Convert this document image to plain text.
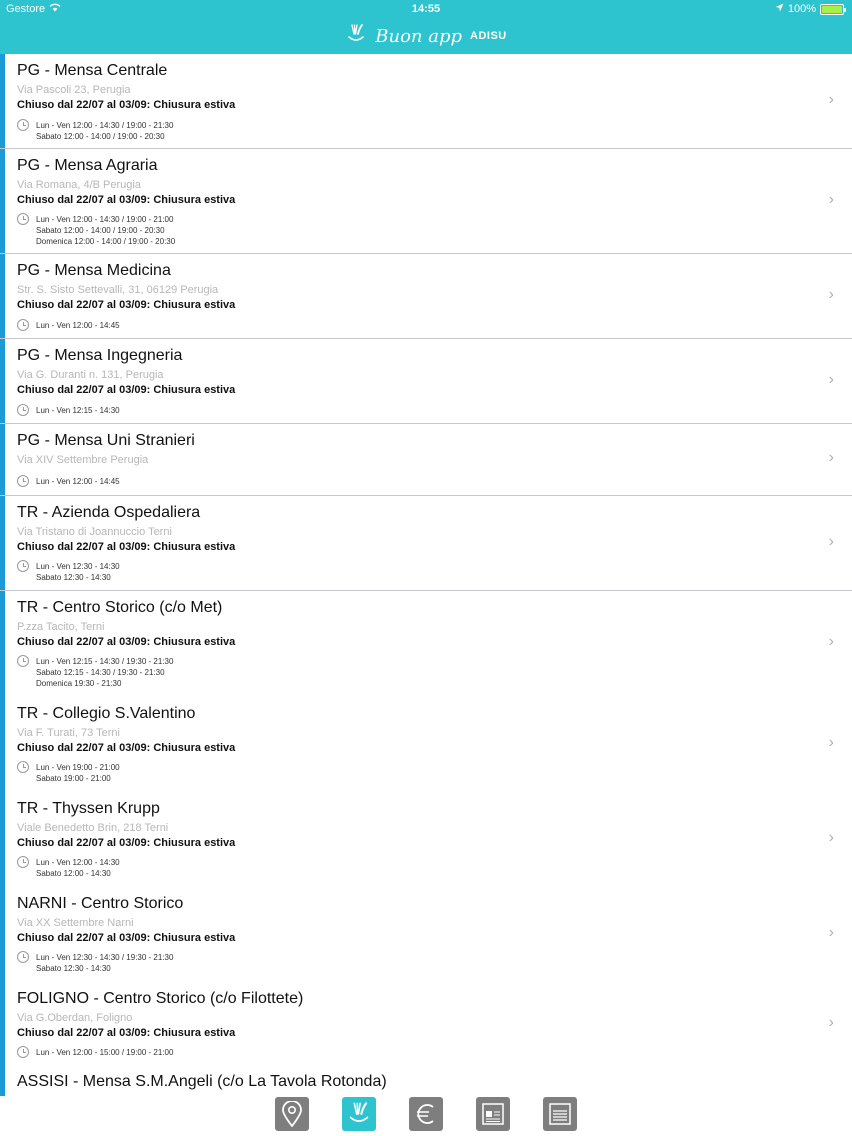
Gestore	14:55	100%
Buon app ADISU
PG - Mensa Centrale
Via Pascoli 23, Perugia
Chiuso dal 22/07 al 03/09: Chiusura estiva
Lun - Ven 12:00 - 14:30 / 19:00 - 21:30
Sabato 12:00 - 14:00 / 19:00 - 20:30
›
PG - Mensa Agraria
Via Romana, 4/B Perugia
Chiuso dal 22/07 al 03/09: Chiusura estiva
Lun - Ven 12:00 - 14:30 / 19:00 - 21:00
Sabato 12:00 - 14:00 / 19:00 - 20:30
Domenica 12:00 - 14:00 / 19:00 - 20:30
›
PG - Mensa Medicina
Str. S. Sisto Settevalli, 31, 06129 Perugia
Chiuso dal 22/07 al 03/09: Chiusura estiva
Lun - Ven 12:00 - 14:45
›
PG - Mensa Ingegneria
Via G. Duranti n. 131, Perugia
Chiuso dal 22/07 al 03/09: Chiusura estiva
Lun - Ven 12:15 - 14:30
›
PG - Mensa Uni Stranieri
Via XIV Settembre Perugia
Lun - Ven 12:00 - 14:45
›
TR - Azienda Ospedaliera
Via Tristano di Joannuccio Terni
Chiuso dal 22/07 al 03/09: Chiusura estiva
Lun - Ven 12:30 - 14:30
Sabato 12:30 - 14:30
›
TR - Centro Storico (c/o Met)
P.zza Tacito, Terni
Chiuso dal 22/07 al 03/09: Chiusura estiva
Lun - Ven 12:15 - 14:30 / 19:30 - 21:30
Sabato 12:15 - 14:30 / 19:30 - 21:30
Domenica 19:30 - 21:30
›
TR - Collegio S.Valentino
Via F. Turati, 73 Terni
Chiuso dal 22/07 al 03/09: Chiusura estiva
Lun - Ven 19:00 - 21:00
Sabato 19:00 - 21:00
›
TR - Thyssen Krupp
Viale Benedetto Brin, 218 Terni
Chiuso dal 22/07 al 03/09: Chiusura estiva
Lun - Ven 12:00 - 14:30
Sabato 12:00 - 14:30
›
NARNI - Centro Storico
Via XX Settembre Narni
Chiuso dal 22/07 al 03/09: Chiusura estiva
Lun - Ven 12:30 - 14:30 / 19:30 - 21:30
Sabato 12:30 - 14:30
›
FOLIGNO - Centro Storico (c/o Filottete)
Via G.Oberdan, Foligno
Chiuso dal 22/07 al 03/09: Chiusura estiva
Lun - Ven 12:00 - 15:00 / 19:00 - 21:00
›
ASSISI - Mensa S.M.Angeli (c/o La Tavola Rotonda)
